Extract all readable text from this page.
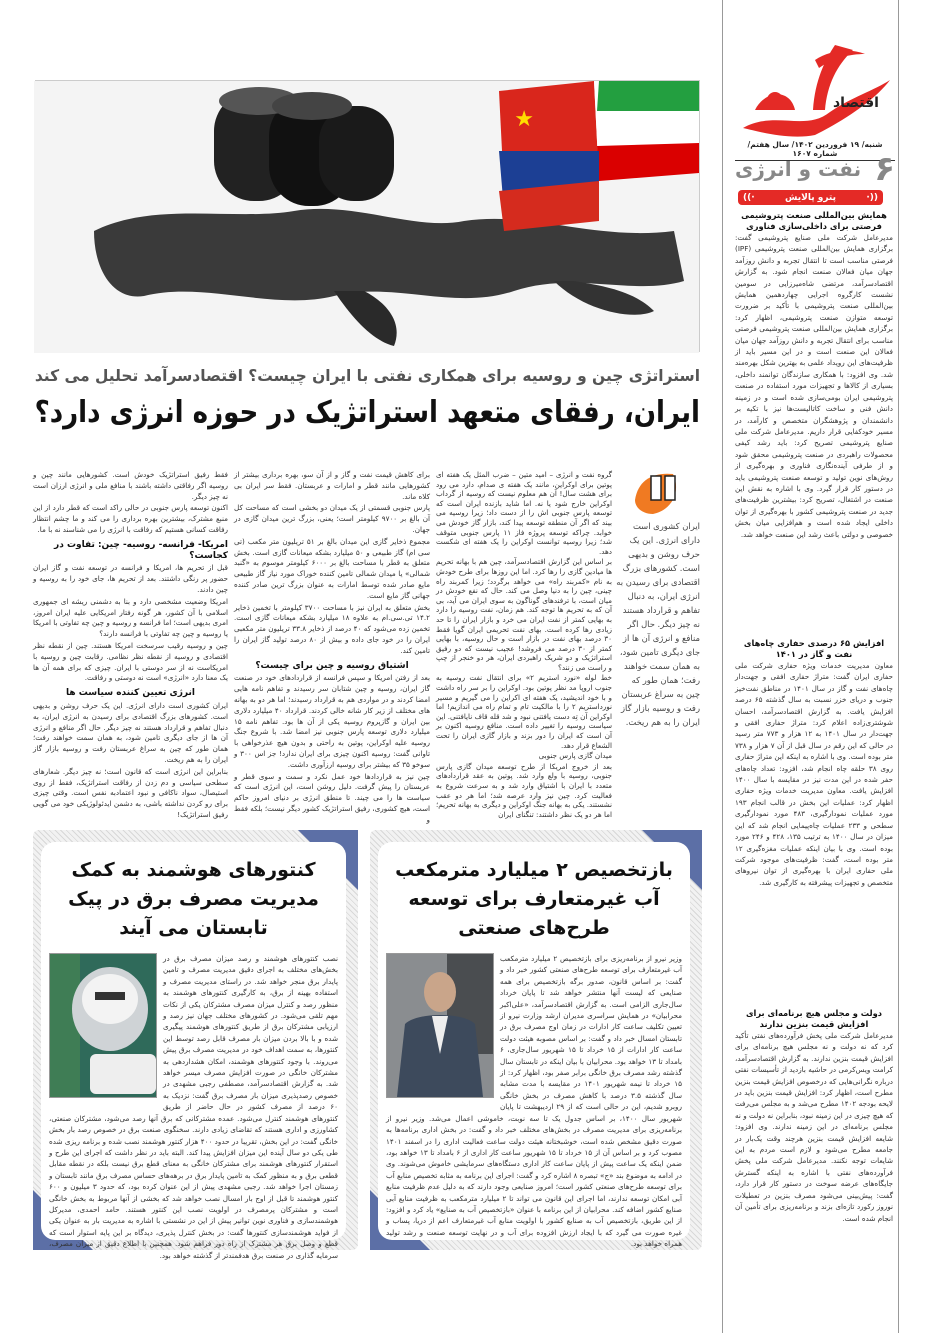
اقتصاد
شنبه/ ۱۹ فروردین ۱۴۰۲/ سال هفتم/ شماره ۱۶۰۷	۶
نفت و انرژی
((·
پترو پالایش
·))
همایش بین‌المللی صنعت پتروشیمی فرصتی برای داخلی‌سازی فناوری
مدیرعامل شرکت ملی صنایع پتروشیمی گفت: برگزاری همایش بین‌المللی صنعت پتروشیمی (IPF) فرصتی مناسب است تا انتقال تجربه و دانش روزآمد جهان میان فعالان صنعت انجام شود. به گزارش اقتصادسرآمد، مرتضی شاه‌میرزایی در سومین نشست کارگروه اجرایی چهاردهمین همایش بین‌المللی صنعت پتروشیمی با تأکید بر ضرورت توسعه متوازن صنعت پتروشیمی، اظهار کرد: برگزاری همایش بین‌المللی صنعت پتروشیمی فرصتی مناسب برای انتقال تجربه و دانش روزآمد جهان میان فعالان این صنعت است و در این مسیر باید از ظرفیت‌های این رویداد علمی به بهترین شکل بهره‌مند شد. وی افزود: با همکاری سازندگان توانمند داخلی، بسیاری از کالاها و تجهیزات مورد استفاده در صنعت پتروشیمی ایران بومی‌سازی شده است و در زمینه دانش فنی و ساخت کاتالیست‌ها نیز با تکیه بر دانشمندان و پژوهشگران متخصص و کارآمد، در مسیر خودکفایی قرار داریم. مدیرعامل شرکت ملی صنایع پتروشیمی تصریح کرد: باید رشد کیفی محصولات راهبردی در صنعت پتروشیمی محقق شود و از طرفی آینده‌نگاری فناوری و بهره‌گیری از روش‌های نوین تولید و توسعه صنعت پتروشیمی باید در دستور کار قرار گیرد. وی با اشاره به نقش این صنعت در اشتغال، تصریح کرد: بیشترین ظرفیت‌های جدید در صنعت پتروشیمی کشور با بهره‌گیری از توان داخلی ایجاد شده است و هم‌افزایی میان بخش خصوصی و دولتی باعث رشد این صنعت خواهد شد.
افزایش ۶۵ درصدی حفاری چاه‌های نفت و گاز در ۱۴۰۱
معاون مدیریت خدمات ویژه حفاری شرکت ملی حفاری ایران گفت: متراژ حفاری افقی و جهت‌دار چاه‌های نفت و گاز در سال ۱۴۰۱ در مناطق نفت‌خیز جنوب و دریای خزر نسبت به سال گذشته ۶۵ درصد افزایش یافت. به گزارش اقتصادسرآمد، احسان شوشتری‌زاده اعلام کرد: متراژ حفاری افقی و جهت‌دار در سال ۱۴۰۱ به ۱۲ هزار و ۷۷۳ متر رسید در حالی که این رقم در سال قبل از آن ۷ هزار و ۷۳۸ متر بوده است. وی با اشاره به اینکه این متراژ حفاری روی ۳۸ حلقه چاه انجام شد، افزود: تعداد چاه‌های حفر شده در این مدت نیز در مقایسه با سال ۱۴۰۰ افزایش یافت. معاون مدیریت خدمات ویژه حفاری اظهار کرد: عملیات این بخش در قالب انجام ۱۹۳ مورد عملیات نمودارگیری، ۴۸۳ مورد نمودارگیری سطحی و ۲۳۳ عملیات چاه‌پیمایی انجام شد که این میزان در سال ۱۴۰۰ به ترتیب ۱۳۵، ۴۲۸ و ۲۴۶ مورد بوده است. وی با بیان اینکه عملیات مغزه‌گیری ۱۲ متر بوده است، گفت: ظرفیت‌های موجود شرکت ملی حفاری ایران با بهره‌گیری از توان نیروهای متخصص و تجهیزات پیشرفته به کارگیری شد.
دولت و مجلس هیچ برنامه‌ای برای افزایش قیمت بنزین ندارند
مدیرعامل شرکت ملی پخش فرآورده‌های نفتی تأکید کرد که نه دولت و نه مجلس هیچ برنامه‌ای برای افزایش قیمت بنزین ندارند. به گزارش اقتصادسرآمد، کرامت ویس‌کرمی در حاشیه بازدید از تأسیسات نفتی درباره نگرانی‌هایی که درخصوص افزایش قیمت بنزین مطرح است، اظهار کرد: افزایش قیمت بنزین باید در لایحه بودجه ۱۴۰۲ مطرح می‌شد و به مجلس می‌رفت که هیچ چیزی در این زمینه نبود، بنابراین نه دولت و نه مجلس برنامه‌ای در این زمینه ندارند. وی افزود: شایعه افزایش قیمت بنزین هرچند وقت یک‌بار در جامعه مطرح می‌شود و لازم است مردم به این شایعات توجه نکنند. مدیرعامل شرکت ملی پخش فرآورده‌های نفتی با اشاره به اینکه گسترش جایگاه‌های عرضه سوخت در دستور کار قرار دارد، گفت: پیش‌بینی می‌شود مصرف بنزین در تعطیلات نوروز رکورد تازه‌ای بزند و برنامه‌ریزی برای تأمین آن انجام شده است.
★
استراتژی چین و روسیه برای همکاری نفتی با ایران چیست؟ اقتصادسرآمد تحلیل می کند
ایران، رفقای متعهد استراتژیک در حوزه انرژی دارد؟
ایران کشوری است دارای انرژی. این یک حرف روشن و بدیهی است. کشورهای بزرگ اقتصادی برای رسیدن به انرژی ایران، به دنبال تفاهم و قرارداد هستند نه چیز دیگر. حال اگر منافع و انرژی آن ها از جای دیگری تامین شود، به همان سمت خواهند رفت؛ همان طور که چین به سراغ عربستان رفت و روسیه بازار گاز ایران را به هم ریخت.

گروه نفت و انرژی – امید متین – ضرب المثل یک هفته ای پوتین برای اوکراین، مانند یک هفته ی صدام، دارد می رود برای هشت سال! آن هم معلوم نیست که روسیه از گرداب اوکراین خارج شود یا نه. اما شاید بازنده ایران است که توسعه پارس جنوبی اش را از دست داد؛ زیرا روسیه می بیند که اگر آن منطقه توسعه پیدا کند، بازار گاز خودش می خوابد. چراکه توسعه پروژه فاز ۱۱ پارس جنوبی متوقف شد؛ زیرا روسیه توانست اوکراین را یک هفته ای شکست دهد.

بر اساس این گزارش اقتصادسرآمد، چین هم با بهانه تحریم ها میادین گازی را رها کرد. اما این روزها برای طرح خودش به نام «کمربند راه» می خواهد برگردد؛ زیرا کمربند راه چینی، چین را به دنیا وصل می کند. حال که نفع خودش در میان است، با ترفندهای گوناگون به سوی ایران می آید، بی آن که به تحریم ها توجه کند. هم زمان، نفت روسیه را دارد به بهایی کمتر از نفت ایران می خرد و بازار ایران را تا حد زیادی رها کرده است. بهای نفت تحریمی ایران گویا فقط ۳۰ درصد بهای نفت در بازار است و حال روسیه، با بهایی کمتر از ۳۰ درصد می فروشد! عجیب نیست که دو رفیق استراتژیک و دو شریک راهبردی ایران، هر دو خنجر از چپ و راست می زنند؟

خط لوله «نورد استریم ۲» برای انتقال نفت روسیه به جنوب اروپا مد نظر پوتین بود. اوکراین را بر سر راه داشت و با خود اندیشید، یک هفته ای اکراین را می گیریم و مسیر نورداستریم ۲ را با مالکیت تام و تمام راه می اندازیم! اما اوکراین آن تِه دست یافتنی نبود و شد قله قاف نایافتنی. این سیاست روسیه را تغییر داده است. منافع روسیه اکنون بر آن است که ایران را دور بزند و بازار گازی ایران را تحت الشعاع قرار دهد.

میدان گازی پارس جنوبی

بعد از خروج امریکا از طرح توسعه میدان گازی پارس جنوبی، روسیه با ولع وارد شد. پوتین به عقد قراردادهای متعدد با ایران با اشتیاق وارد شد و به سرعت شروع به فعالیت کرد. چین نیز وارد عرصه شد؛ اما هر دو عقب نشستند. یکی به بهانه جنگ اوکراین و دیگری به بهانه تحریم؛ اما هر دو یک نظر داشتند: تنگنای ایران

برای کاهش قیمت نفت و گاز و از آن سو، بهره برداری بیشتر از کشورهایی مانند قطر و امارات و عربستان. فقط سر ایران بی کلاه ماند.

پارس جنوبی قسمتی از یک میدان دو بخشی است که مساحت کل آن بالغ بر ۹۷۰۰ کیلومتر است؛ یعنی، بزرگ ترین میدان گازی در جهان.

مجموع ذخایر گازی این میدان بالغ بر ۵۱ تریلیون متر مکعب (تی سی ام) گاز طبیعی و ۵۰ میلیارد بشکه میعانات گازی است. بخش متعلق به قطر با مساحت بالغ بر ۶۰۰۰ کیلومتر موسوم به «گنبد شمالی» یا میدان شمالی تامین کننده خوراک مورد نیاز گاز طبیعی مایع صادر شده توسط امارات به عنوان بزرگ ترین صادر کننده جهانی گاز مایع است.

بخش متعلق به ایران نیز با مساحت ۳۷۰۰ کیلومتر با تخمین ذخایر ۱۴.۲ تی.سی.ام به علاوه ۱۸ میلیارد بشکه میعانات گازی است. تخمین زده می‌شود که ۴۰ درصد از ذخایر ۳۳.۸ تریلیون متر مکعبی ایران را در خود جای داده و بیش از ۸۰ درصد تولید گاز ایران را تامین کند.

اشتیاق روسیه و چین برای چیست؟

بعد از رفتن امریکا و سپس فرانسه از قراردادهای خود در صنعت گاز ایران، روسیه و چین شتابان سر رسیدند و تفاهم نامه هایی امضا کردند و در مواردی هم به قرارداد رسیدند؛ اما هر دو به بهانه های مختلف از زیر کار شانه خالی کردند. قرارداد ۴۰ میلیارد دلاری بین ایران و گازپروم روسیه یکی از آن ها بود. تفاهم نامه ۱۵ میلیارد دلاری توسعه پارس جنوبی نیز امضا شد. با شروع جنگ روسیه علیه اوکراین، پوتین به راحتی و بدون هیچ عذرخواهی با تاوانی گفت: روسیه اکنون چیزی برای ایران ندارد! جز اس ۳۰۰ و سوخو ۳۵ که بیشتر برای روسیه ارزآوری داشت.

چین نیز به قراردادها خود عمل نکرد و سمت و سوی قطر و عربستان را پیش گرفت. دلیل روشن است، این انرژی است که سیاست ها را می چیند. تا منطق انرژی بر دنیای امروز حاکم است، هیچ کشوری، رفیق استراتژیک کشور دیگر نیست؛ بلکه فقط و

فقط رفیق استراتژیک خودش است. کشورهایی مانند چین و روسیه اگر رفاقتی داشته باشند با منافع ملی و انرژی ارزان است نه چیز دیگر.

اکنون توسعه پارس جنوبی در حالی راکد است که قطر دارد از این منبع مشترک، بیشترین بهره برداری را می کند و ما چشم انتظار رفاقت کسانی هستیم که رفاقت با انرژی را می شناسند نه با ما.

امریکا- فرانسه- روسیه- چین: تفاوت در کجاست؟

قبل از تحریم ها، امریکا و فرانسه در توسعه نفت و گاز ایران حضور پر رنگی داشتند. بعد از تحریم ها، جای خود را به روسیه و چین دادند.

امریکا وضعیت مشخصی دارد و بنا به دشمنی ریشه ای جمهوری اسلامی با آن کشور، هر گونه رفتار امریکایی علیه ایران امروز، امری بدیهی است؛ اما فرانسه و روسیه و چین چه تفاوتی با امریکا یا روسیه و چین چه تفاوتی با فرانسه دارند؟

چین و روسیه رقیب سرسخت امریکا هستند. چین از نقطه نظر اقتصادی و روسیه از نقطه نظر نظامی. رقابت چین و روسیه با امریکاست نه از سر دوستی با ایران. چیزی که برای همه آن ها یک معنا دارد «انرژی» است نه دوستی و رفاقت.

انرژی تعیین کننده سیاست ها

ایران کشوری است دارای انرژی. این یک حرف روشن و بدیهی است. کشورهای بزرگ اقتصادی برای رسیدن به انرژی ایران، به دنبال تفاهم و قرارداد هستند نه چیز دیگر. حال اگر منافع و انرژی آن ها از جای دیگری تامین شود، به همان سمت خواهند رفت؛ همان طور که چین به سراغ عربستان رفت و روسیه بازار گاز ایران را به هم ریخت.

بنابراین این انرژی است که قانون است؛ نه چیز دیگر. شعارهای سطحی سیاسی و دم زدن از رفاقت استراتژیک، فقط از روی استیصال، سواد ناکافی و نبود اعتمادبه نفس است. وقتی چیزی برای رو کردن نداشته باشی، به دشمن ایدئولوژیکی خود می گویی رفیق استراتژیک!

بازتخصیص ۲ میلیارد مترمکعب آب غیرمتعارف برای توسعه طرح‌های صنعتی
وزیر نیرو از برنامه‌ریزی برای بازتخصیص ۲ میلیارد مترمکعب آب غیرمتعارف برای توسعه طرح‌های صنعتی کشور خبر داد و گفت: بر اساس قانون، صدور برگه بازتخصیص برای همه صنایعی که لیست آنها منتشر خواهد شد تا پایان خرداد سال‌جاری الزامی است. به گزارش اقتصادسرآمد، «علی‌اکبر محرابیان» در همایش سراسری مدیران ارشد وزارت نیرو از تعیین تکلیف ساعت کار ادارات در زمان اوج مصرف برق در تابستان امسال خبر داد و گفت: بر اساس مصوبه هیئت دولت ساعت کار ادارات از ۱۵ خرداد تا ۱۵ شهریور سال‌جاری، ۶ بامداد تا ۱۳ خواهد بود. محرابیان با بیان اینکه در تابستان سال گذشته رشد مصرف برق خانگی برابر صفر بود، اظهار کرد: از ۱۵ خرداد تا نیمه شهریور ۱۴۰۱ در مقایسه با مدت مشابه سال گذشته ۳.۵ درصد با کاهش مصرف در بخش خانگی روبرو شدیم، این در حالی است که از ۲۹ اردیبهشت تا پایان شهریور سال ۱۴۰۰، بر اساس جدول یک تا سه نوبت، خاموشی اعمال می‌شد. وزیر نیرو از برنامه‌ریزی برای مدیریت مصرف در بخش‌های مختلف خبر داد و گفت: در بخش اداری برنامه‌ها به صورت دقیق مشخص شده است، خوشبختانه هیئت دولت ساعت فعالیت اداری را در اسفند ۱۴۰۱ مصوب کرد و بر اساس آن از ۱۵ خرداد تا ۱۵ شهریور ساعت کار اداری از ۶ بامداد تا ۱۳ خواهد بود، ضمن اینکه یک ساعت پیش از پایان ساعت کار اداری دستگاه‌های سرمایشی خاموش می‌شوند. وی در ادامه به موضوع بند «ج» تبصره ۸ اشاره کرد و گفت: اجرای این برنامه به مثابه تخصیص منابع آب برای توسعه طرح‌های صنعتی کشور است؛ امروز صنایعی وجود دارند که به دلیل عدم ظرفیت منابع آبی امکان توسعه ندارند، اما اجرای این قانون می تواند تا ۲ میلیارد مترمکعب به ظرفیت منابع آبی صنایع کشور اضافه کند. محرابیان از این برنامه با عنوان «بازتخصیص آب به صنایع» یاد کرد و افزود: از این طریق، بازتخصیص آب به صنایع کشور با اولویت منابع آب غیرمتعارف اعم از دریا، پساب و غیره صورت می گیرد که با ایجاد ارزش افزوده برای آب و در نهایت توسعه صنعت و رشد تولید همراه خواهد بود.
کنتورهای هوشمند به کمک مدیریت مصرف برق در پیک تابستان می آیند
نصب کنتورهای هوشمند و رصد میزان مصرف برق در بخش‌های مختلف به اجرای دقیق مدیریت مصرف و تامین پایدار برق منجر خواهد شد. در راستای مدیریت مصرف و استفاده بهینه از برق، به کارگیری کنتورهای هوشمند به منظور رصد و کنترل میزان مصرف مشترکان یکی از نکات مهم تلقی می‌شود. در کشورهای مختلف جهان نیز رصد و ارزیابی مشترکان برق از طریق کنتورهای هوشمند پیگیری شده و با بالا بردن میزان بار مصرف قابل رصد توسط این کنتورها، به سمت اهداف خود در مدیریت مصرف برق پیش می‌روند. با وجود کنتورهای هوشمند، امکان هشداردهی به مشترکان خانگی در صورت افزایش مصرف میسر خواهد شد. به گزارش اقتصادسرآمد، مصطفی رجبی مشهدی در خصوص رصدپذیری میزان بار مصرف برق گفت: نزدیک به ۶۰ درصد از مصرف کشور در حال حاضر از طریق کنتورهای هوشمند کنترل می‌شود. عمده مشترکانی که برق آنها رصد می‌شود، مشترکان صنعتی، کشاورزی و اداری هستند که تقاضای زیادی دارند. سخنگوی صنعت برق در خصوص رصد بار بخش خانگی گفت: در این بخش، تقریبا در حدود ۴۰۰ هزار کنتور هوشمند نصب شده و برنامه ریزی شده طی یکی دو سال آینده این میزان افزایش پیدا کند. البته باید در نظر داشت که اجرای این طرح و استقرار کنتورهای هوشمند برای مشترکان خانگی به معنای قطع برق نیست بلکه در نقطه مقابل قطعی برق و به منظور کمک به تامین پایدار برق در برهه‌های حساس مصرف برق مانند تابستان و زمستان اجرا خواهد شد. رجبی مشهدی پیش از این عنوان کرده بود، که حدود ۳ میلیون و ۶۰۰ کنتور هوشمند تا قبل از اوج بار امسال نصب خواهد شد که بخشی از آنها مربوط به بخش خانگی است و مشترکان پرمصرف در اولویت نصب این کنتور هستند. حامد احمدی، مدیرکل هوشمندسازی و فناوری نوین توانیر پیش از این در نشستی با اشاره به مدیریت بار به عنوان یکی از فواید هوشمندسازی کنتورها گفت: در بخش کنترل پذیری، دیدگاه بر این پایه استوار است که قطع و وصل برق هر مشترک از راه دور فراهم شود. همچنین با اطلاع دقیق از میزان مصرف، سرمایه گذاری در صنعت برق هدفمندتر از گذشته خواهد بود.
